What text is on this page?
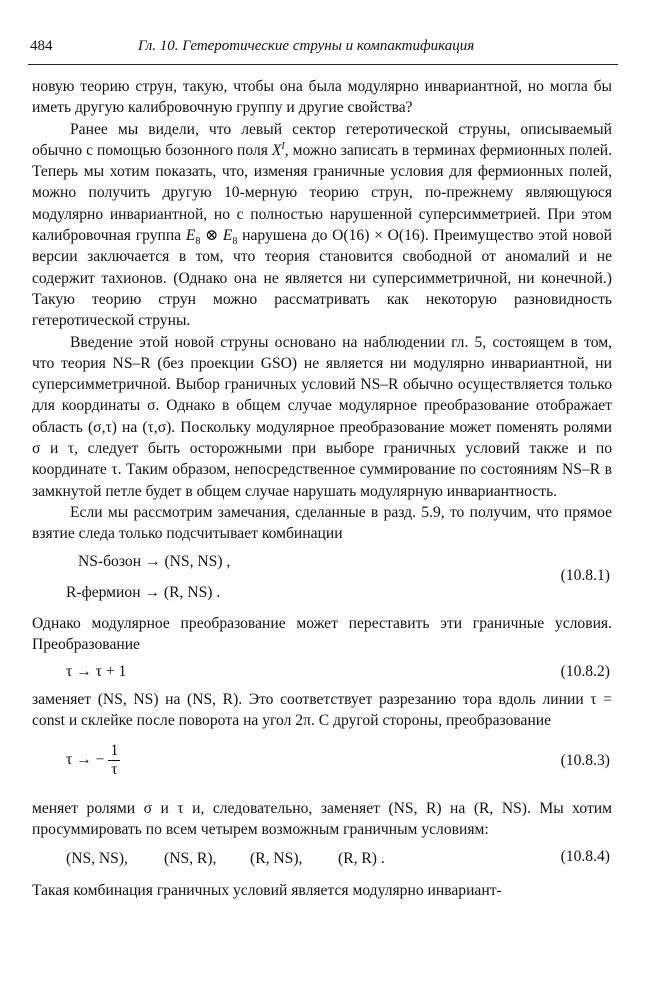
484	Гл. 10. Гетеротические струны и компактификация

новую теорию струн, такую, чтобы она была модулярно инвариантной, но могла бы иметь другую калибровочную группу и другие свойства?

Ранее мы видели, что левый сектор гетеротической струны, описываемый обычно с помощью бозонного поля $X^I$, можно записать в терминах фермионных полей. Теперь мы хотим показать, что, изменяя граничные условия для фермионных полей, можно получить другую 10-мерную теорию струн, по-прежнему являющуюся модулярно инвариантной, но с полностью нарушенной суперсимметрией. При этом калибровочная группа $E_8$ ⊗ $E_8$ нарушена до O(16) × O(16). Преимущество этой новой версии заключается в том, что теория становится свободной от аномалий и не содержит тахионов. (Однако она не является ни суперсимметричной, ни конечной.) Такую теорию струн можно рассматривать как некоторую разновидность гетеротической струны.

Введение этой новой струны основано на наблюдении гл. 5, состоящем в том, что теория NS–R (без проекции GSO) не является ни модулярно инвариантной, ни суперсимметричной. Выбор граничных условий NS–R обычно осуществляется только для координаты σ. Однако в общем случае модулярное преобразование отображает область (σ,τ) на (τ,σ). Поскольку модулярное преобразование может поменять ролями σ и τ, следует быть осторожными при выборе граничных условий также и по координате τ. Таким образом, непосредственное суммирование по состояниям NS–R в замкнутой петле будет в общем случае нарушать модулярную инвариантность.

Если мы рассмотрим замечания, сделанные в разд. 5.9, то получим, что прямое взятие следа только подсчитывает комбинации

NS-бозон → (NS, NS) ,
R-фермион → (R, NS) .
(10.8.1)

Однако модулярное преобразование может переставить эти граничные условия. Преобразование

τ → τ + 1	(10.8.2)

заменяет (NS, NS) на (NS, R). Это соответствует разрезанию тора вдоль линии τ = const и склейке после поворота на угол 2π. С другой стороны, преобразование

τ → − $\frac{1}{\tau}$	(10.8.3)

меняет ролями σ и τ и, следовательно, заменяет (NS, R) на (R, NS). Мы хотим просуммировать по всем четырем возможным граничным условиям:

(NS, NS), (NS, R), (R, NS), (R, R) .	(10.8.4)

Такая комбинация граничных условий является модулярно инвариант-
